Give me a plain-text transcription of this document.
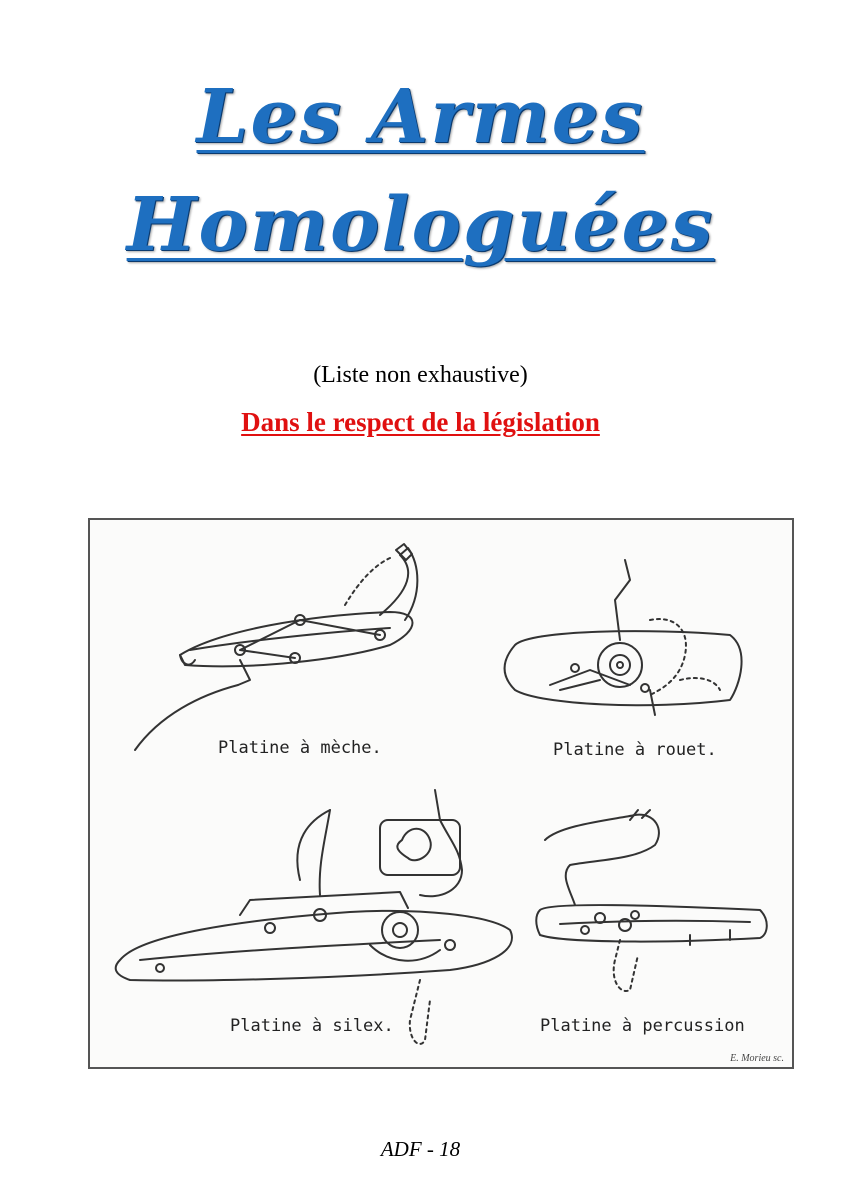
Les Armes
Homologuées
(Liste non exhaustive)
Dans le respect de la législation
Platine à mèche.	Platine à rouet.
Platine à silex.	Platine à percussion
E. Morieu sc.
ADF - 18
